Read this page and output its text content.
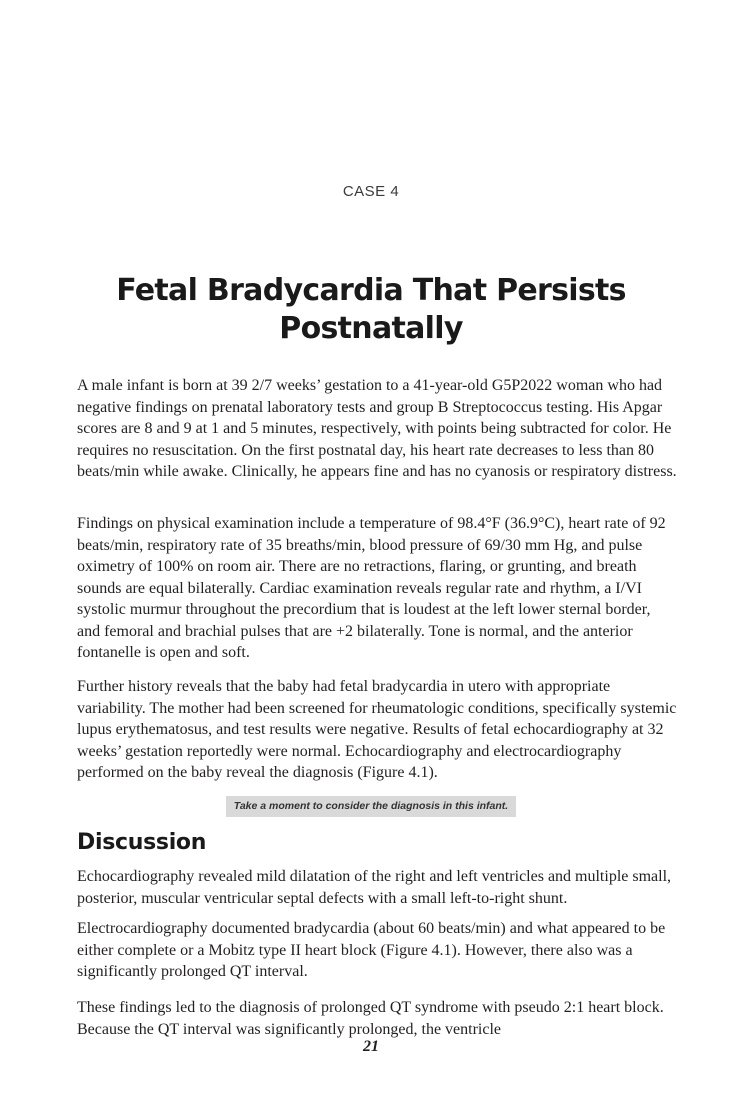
CASE 4
Fetal Bradycardia That Persists Postnatally

A male infant is born at 39 2/7 weeks’ gestation to a 41-year-old G5P2022 woman who had negative findings on prenatal laboratory tests and group B Streptococcus testing. His Apgar scores are 8 and 9 at 1 and 5 minutes, respectively, with points being subtracted for color. He requires no resuscitation. On the first postnatal day, his heart rate decreases to less than 80 beats/min while awake. Clinically, he appears fine and has no cyanosis or respiratory distress.

Findings on physical examination include a temperature of 98.4°F (36.9°C), heart rate of 92 beats/min, respiratory rate of 35 breaths/min, blood pressure of 69/30 mm Hg, and pulse oximetry of 100% on room air. There are no retractions, flaring, or grunting, and breath sounds are equal bilaterally. Cardiac examination reveals regular rate and rhythm, a I/VI systolic murmur throughout the precordium that is loudest at the left lower sternal border, and femoral and brachial pulses that are +2 bilaterally. Tone is normal, and the anterior fontanelle is open and soft.

Further history reveals that the baby had fetal bradycardia in utero with appropriate variability. The mother had been screened for rheumatologic conditions, specifically systemic lupus erythematosus, and test results were negative. Results of fetal echocardiography at 32 weeks’ gestation reportedly were normal. Echocardiography and electrocardiography performed on the baby reveal the diagnosis (Figure 4.1).

Take a moment to consider the diagnosis in this infant.
Discussion

Echocardiography revealed mild dilatation of the right and left ventricles and multiple small, posterior, muscular ventricular septal defects with a small left-to-right shunt.

Electrocardiography documented bradycardia (about 60 beats/min) and what appeared to be either complete or a Mobitz type II heart block (Figure 4.1). However, there also was a significantly prolonged QT interval.

These findings led to the diagnosis of prolonged QT syndrome with pseudo 2:1 heart block. Because the QT interval was significantly prolonged, the ventricle

21
